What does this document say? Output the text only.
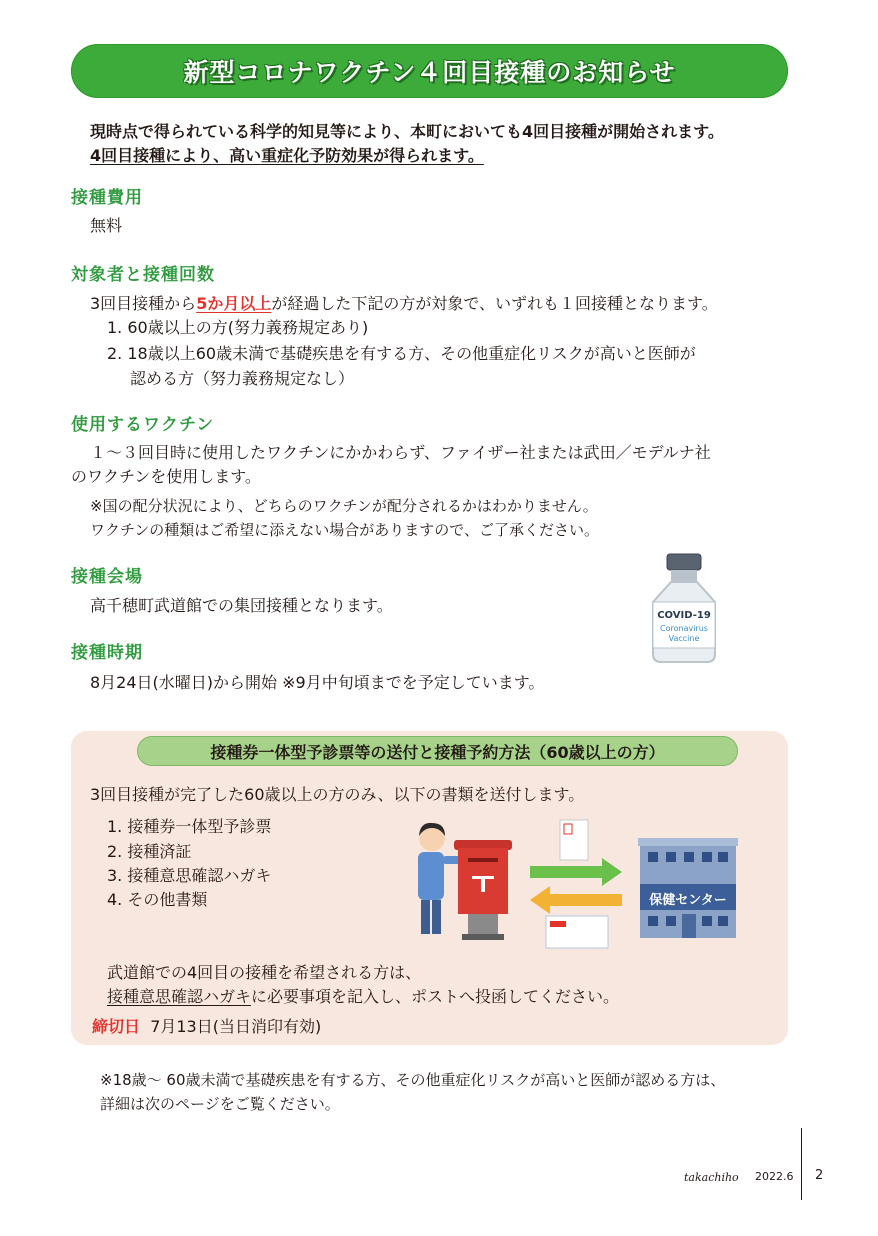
新型コロナワクチン４回目接種のお知らせ
現時点で得られている科学的知見等により、本町においても4回目接種が開始されます。
4回目接種により、高い重症化予防効果が得られます。
接種費用
無料
対象者と接種回数
3回目接種から5か月以上が経過した下記の方が対象で、いずれも１回接種となります。
1. 60歳以上の方(努力義務規定あり)
2. 18歳以上60歳未満で基礎疾患を有する方、その他重症化リスクが高いと医師が
認める方（努力義務規定なし）
使用するワクチン
１～３回目時に使用したワクチンにかかわらず、ファイザー社または武田／モデルナ社
のワクチンを使用します。
※国の配分状況により、どちらのワクチンが配分されるかはわかりません。
ワクチンの種類はご希望に添えない場合がありますので、ご了承ください。
接種会場
高千穂町武道館での集団接種となります。
接種時期
8月24日(水曜日)から開始 ※9月中旬頃までを予定しています。
COVID-19
Coronavirus
Vaccine
接種券一体型予診票等の送付と接種予約方法（60歳以上の方）
3回目接種が完了した60歳以上の方のみ、以下の書類を送付します。
1. 接種券一体型予診票
2. 接種済証
3. 接種意思確認ハガキ
4. その他書類	保健センター
武道館での4回目の接種を希望される方は、
接種意思確認ハガキに必要事項を記入し、ポストへ投函してください。
締切日 7月13日(当日消印有効)
※18歳～ 60歳未満で基礎疾患を有する方、その他重症化リスクが高いと医師が認める方は、
詳細は次のページをご覧ください。
takachiho 2022.6 2
